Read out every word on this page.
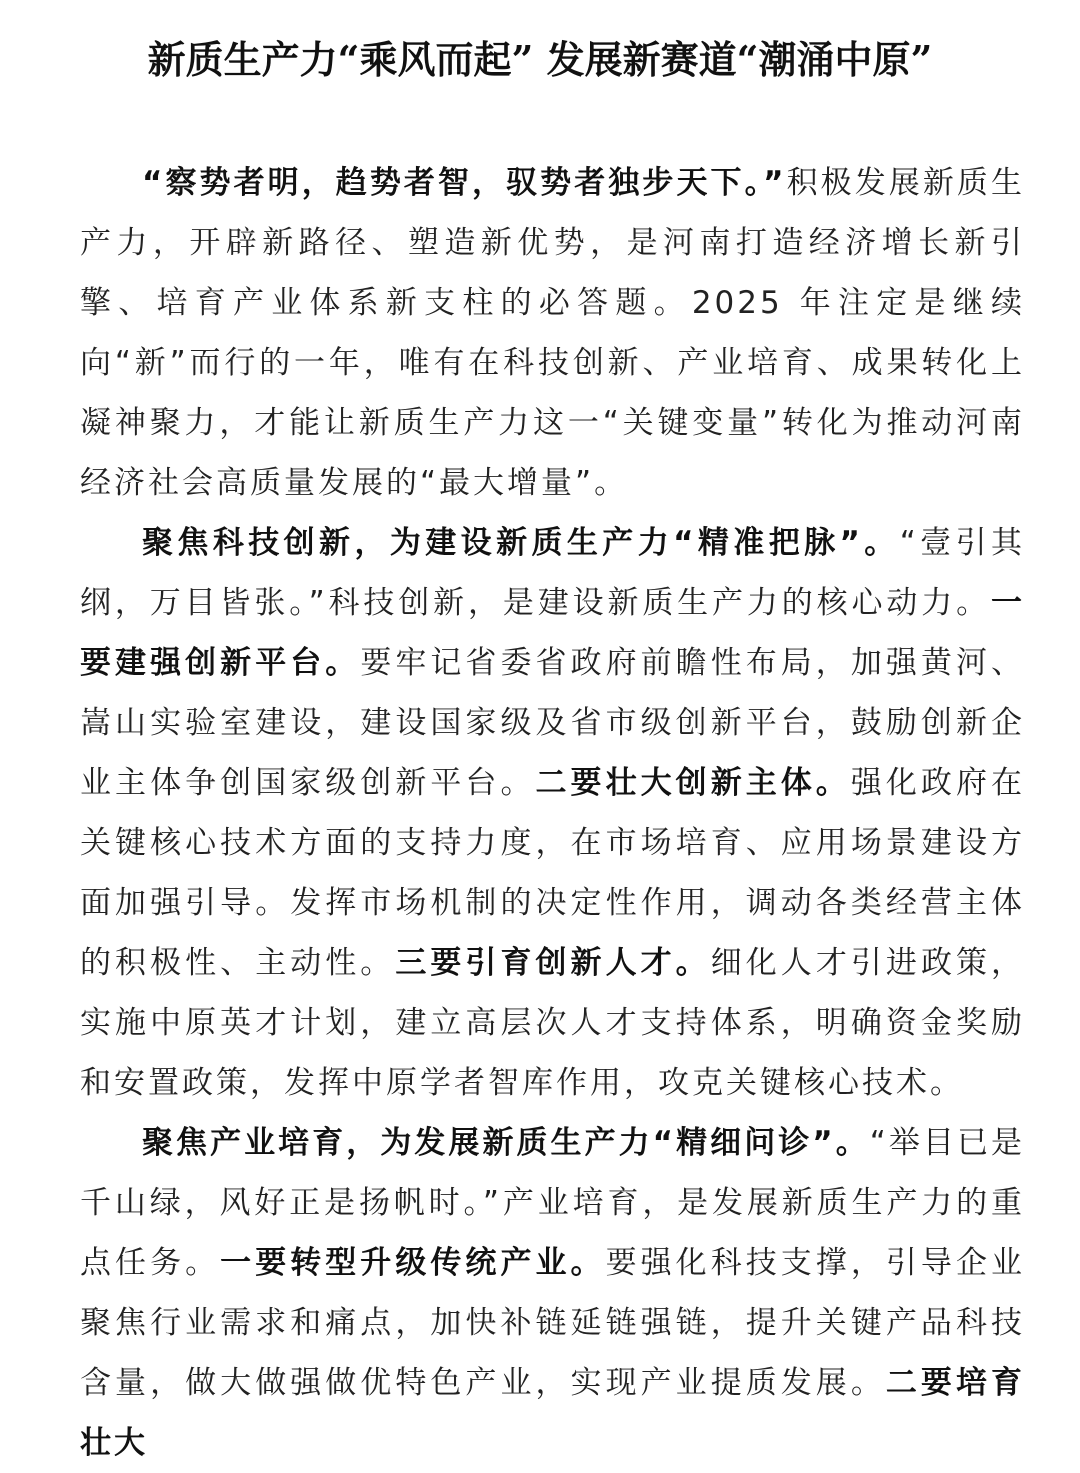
新质生产力“乘风而起” 发展新赛道“潮涌中原”

“察势者明，趋势者智，驭势者独步天下。”积极发展新质生产力，开辟新路径、塑造新优势，是河南打造经济增长新引擎、培育产业体系新支柱的必答题。2025 年注定是继续向“新”而行的一年，唯有在科技创新、产业培育、成果转化上凝神聚力，才能让新质生产力这一“关键变量”转化为推动河南经济社会高质量发展的“最大增量”。

聚焦科技创新，为建设新质生产力“精准把脉”。“壹引其纲，万目皆张。”科技创新，是建设新质生产力的核心动力。一要建强创新平台。要牢记省委省政府前瞻性布局，加强黄河、嵩山实验室建设，建设国家级及省市级创新平台，鼓励创新企业主体争创国家级创新平台。二要壮大创新主体。强化政府在关键核心技术方面的支持力度，在市场培育、应用场景建设方面加强引导。发挥市场机制的决定性作用，调动各类经营主体的积极性、主动性。三要引育创新人才。细化人才引进政策，实施中原英才计划，建立高层次人才支持体系，明确资金奖励和安置政策，发挥中原学者智库作用，攻克关键核心技术。

聚焦产业培育，为发展新质生产力“精细问诊”。“举目已是千山绿，风好正是扬帆时。”产业培育，是发展新质生产力的重点任务。一要转型升级传统产业。要强化科技支撑，引导企业聚焦行业需求和痛点，加快补链延链强链，提升关键产品科技含量，做大做强做优特色产业，实现产业提质发展。二要培育壮大
